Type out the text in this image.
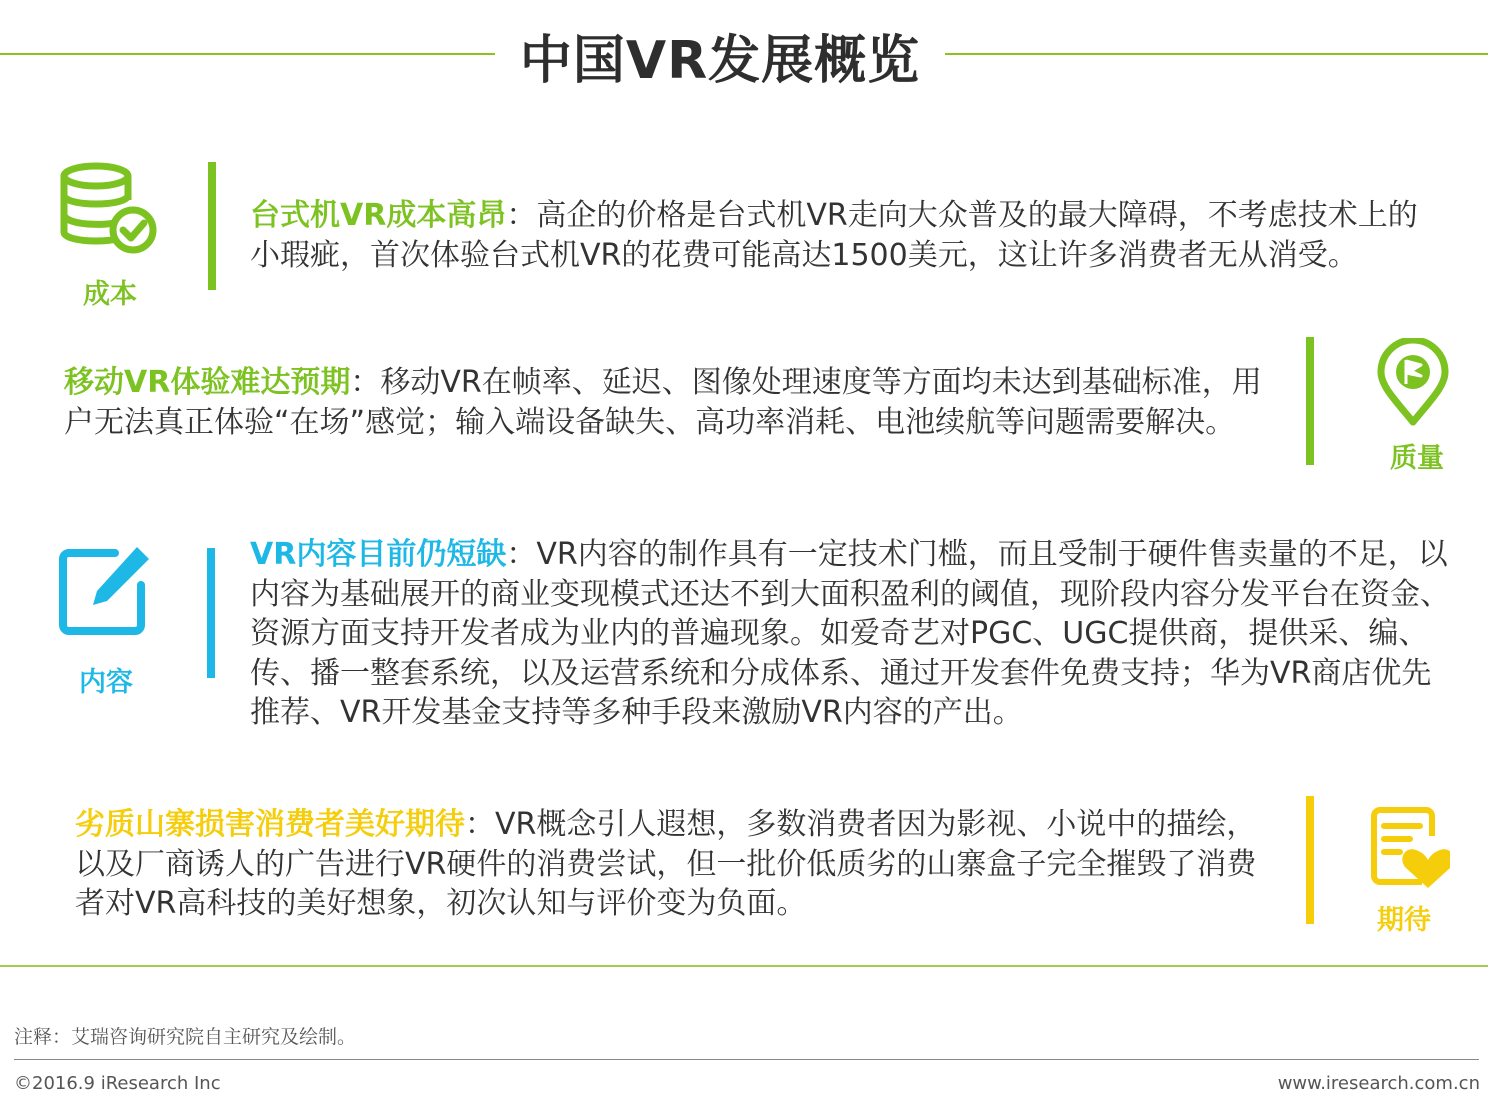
中国VR发展概览
成本

台式机VR成本高昂：高企的价格是台式机VR走向大众普及的最大障碍，不考虑技术上的小瑕疵，首次体验台式机VR的花费可能高达1500美元，这让许多消费者无从消受。

移动VR体验难达预期：移动VR在帧率、延迟、图像处理速度等方面均未达到基础标准，用户无法真正体验“在场”感觉；输入端设备缺失、高功率消耗、电池续航等问题需要解决。

质量
内容

VR内容目前仍短缺：VR内容的制作具有一定技术门槛，而且受制于硬件售卖量的不足，以内容为基础展开的商业变现模式还达不到大面积盈利的阈值，现阶段内容分发平台在资金、资源方面支持开发者成为业内的普遍现象。如爱奇艺对PGC、UGC提供商，提供采、编、传、播一整套系统，以及运营系统和分成体系、通过开发套件免费支持；华为VR商店优先推荐、VR开发基金支持等多种手段来激励VR内容的产出。

劣质山寨损害消费者美好期待：VR概念引人遐想，多数消费者因为影视、小说中的描绘，以及厂商诱人的广告进行VR硬件的消费尝试，但一批价低质劣的山寨盒子完全摧毁了消费者对VR高科技的美好想象，初次认知与评价变为负面。	期待
注释：艾瑞咨询研究院自主研究及绘制。
©2016.9 iResearch Inc	www.iresearch.com.cn
